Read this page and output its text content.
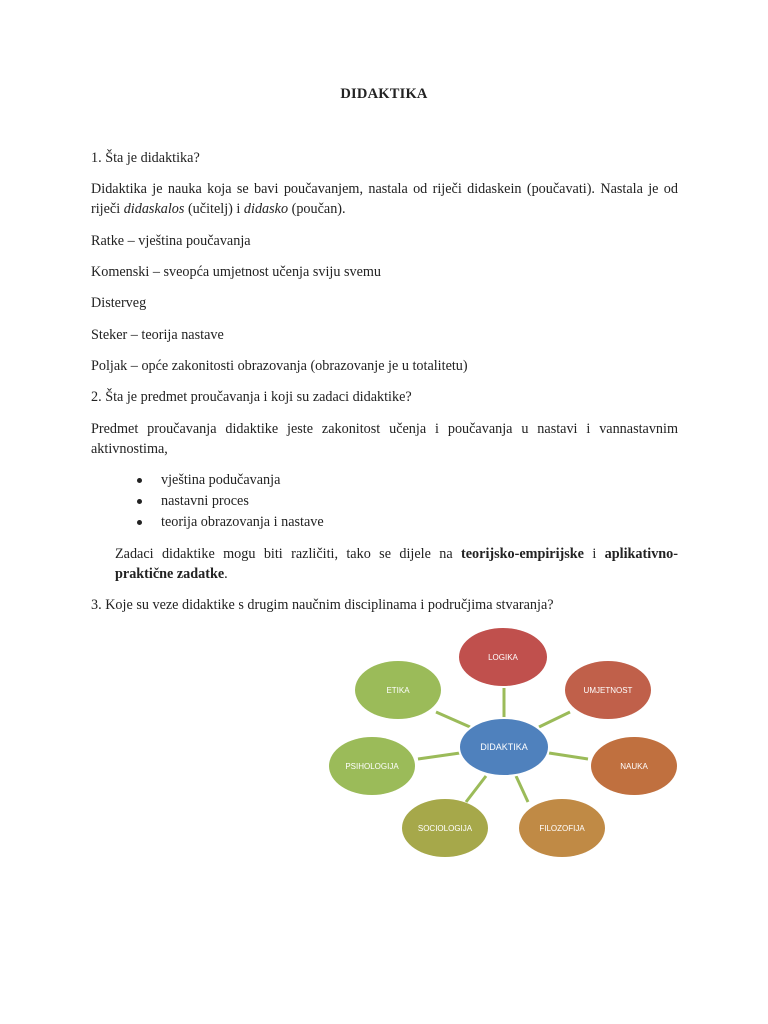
DIDAKTIKA

1. Šta je didaktika?

Didaktika je nauka koja se bavi poučavanjem, nastala od riječi didaskein (poučavati). Nastala je od riječi didaskalos (učitelj) i didasko (poučan).

Ratke – vještina poučavanja

Komenski – sveopća umjetnost učenja sviju svemu

Disterveg

Steker – teorija nastave

Poljak – opće zakonitosti obrazovanja (obrazovanje je u totalitetu)

2. Šta je predmet proučavanja i koji su zadaci didaktike?

Predmet proučavanja didaktike jeste zakonitost učenja i poučavanja u nastavi i vannastavnim aktivnostima,

vještina podučavanja
nastavni proces
teorija obrazovanja i nastave

Zadaci didaktike mogu biti različiti, tako se dijele na teorijsko-empirijske i aplikativno-praktične zadatke.

3. Koje su veze didaktike s drugim naučnim disciplinama i područjima stvaranja?

LOGIKA
UMJETNOST
NAUKA
FILOZOFIJA
SOCIOLOGIJA
PSIHOLOGIJA
ETIKA
DIDAKTIKA
